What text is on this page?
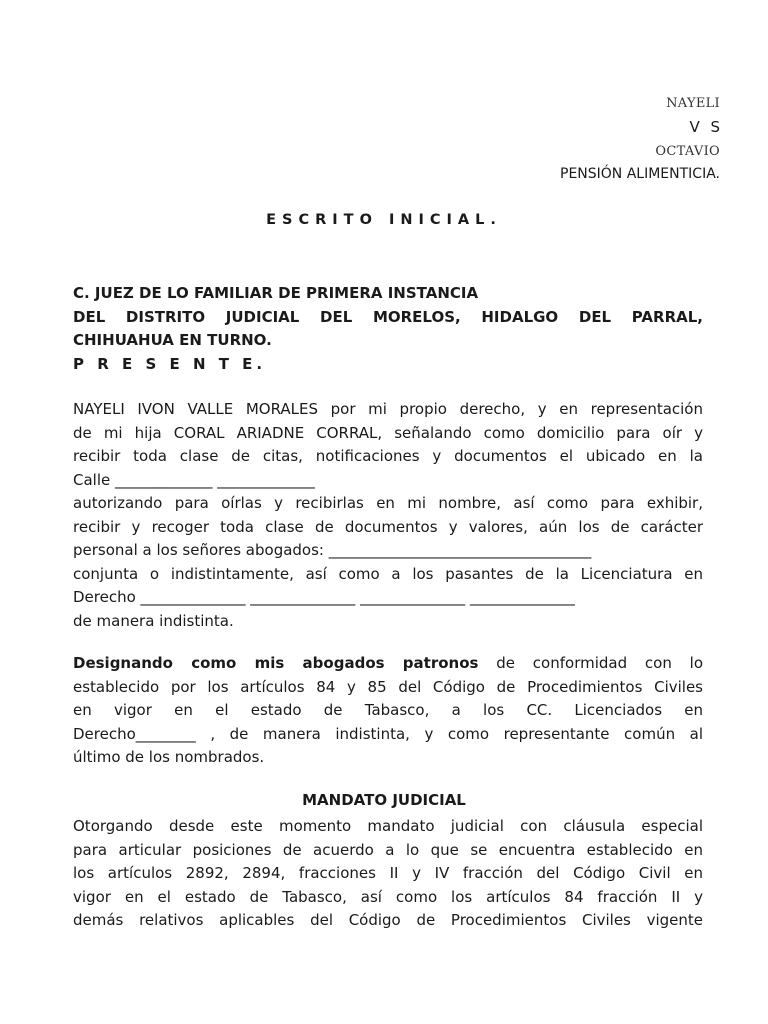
NAYELI
V S
OCTAVIO
PENSIÓN ALIMENTICIA.
ESCRITO INICIAL.
C. JUEZ DE LO FAMILIAR DE PRIMERA INSTANCIA
DEL DISTRITO JUDICIAL DEL MORELOS, HIDALGO DEL PARRAL,
CHIHUAHUA EN TURNO.
P R E S E N T E.
NAYELI IVON VALLE MORALES por mi propio derecho, y en representación
de mi hija CORAL ARIADNE CORRAL, señalando como domicilio para oír y
recibir toda clase de citas, notificaciones y documentos el ubicado en la
Calle _____________ _____________
autorizando para oírlas y recibirlas en mi nombre, así como para exhibir,
recibir y recoger toda clase de documentos y valores, aún los de carácter
personal a los señores abogados: ___________________________________
conjunta o indistintamente, así como a los pasantes de la Licenciatura en
Derecho ______________ ______________ ______________ ______________
de manera indistinta.
Designando como mis abogados patronos de conformidad con lo
establecido por los artículos 84 y 85 del Código de Procedimientos Civiles
en vigor en el estado de Tabasco, a los CC. Licenciados en
Derecho________ , de manera indistinta, y como representante común al
último de los nombrados.
MANDATO JUDICIAL
Otorgando desde este momento mandato judicial con cláusula especial
para articular posiciones de acuerdo a lo que se encuentra establecido en
los artículos 2892, 2894, fracciones II y IV fracción del Código Civil en
vigor en el estado de Tabasco, así como los artículos 84 fracción II y
demás relativos aplicables del Código de Procedimientos Civiles vigente
